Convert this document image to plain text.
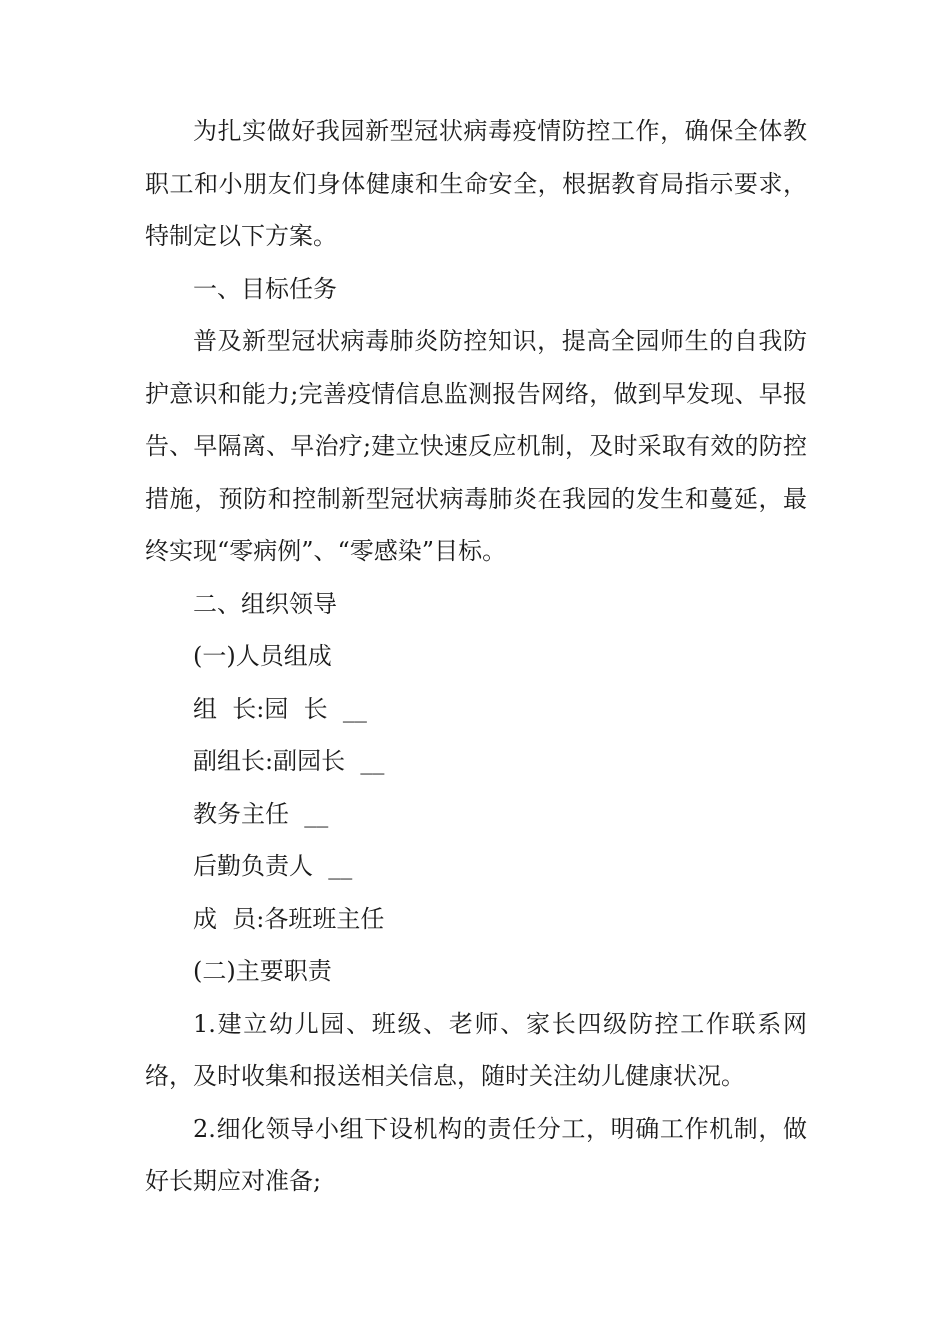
为扎实做好我园新型冠状病毒疫情防控工作，确保全体教职工和小朋友们身体健康和生命安全，根据教育局指示要求，特制定以下方案。

一、目标任务

普及新型冠状病毒肺炎防控知识，提高全园师生的自我防护意识和能力;完善疫情信息监测报告网络，做到早发现、早报告、早隔离、早治疗;建立快速反应机制，及时采取有效的防控措施，预防和控制新型冠状病毒肺炎在我园的发生和蔓延，最终实现“零病例”、“零感染”目标。

二、组织领导

(一)人员组成

组  长:园  长  __

副组长:副园长  __

教务主任  __

后勤负责人  __

成  员:各班班主任

(二)主要职责

1.建立幼儿园、班级、老师、家长四级防控工作联系网络，及时收集和报送相关信息，随时关注幼儿健康状况。

2.细化领导小组下设机构的责任分工，明确工作机制，做好长期应对准备;
